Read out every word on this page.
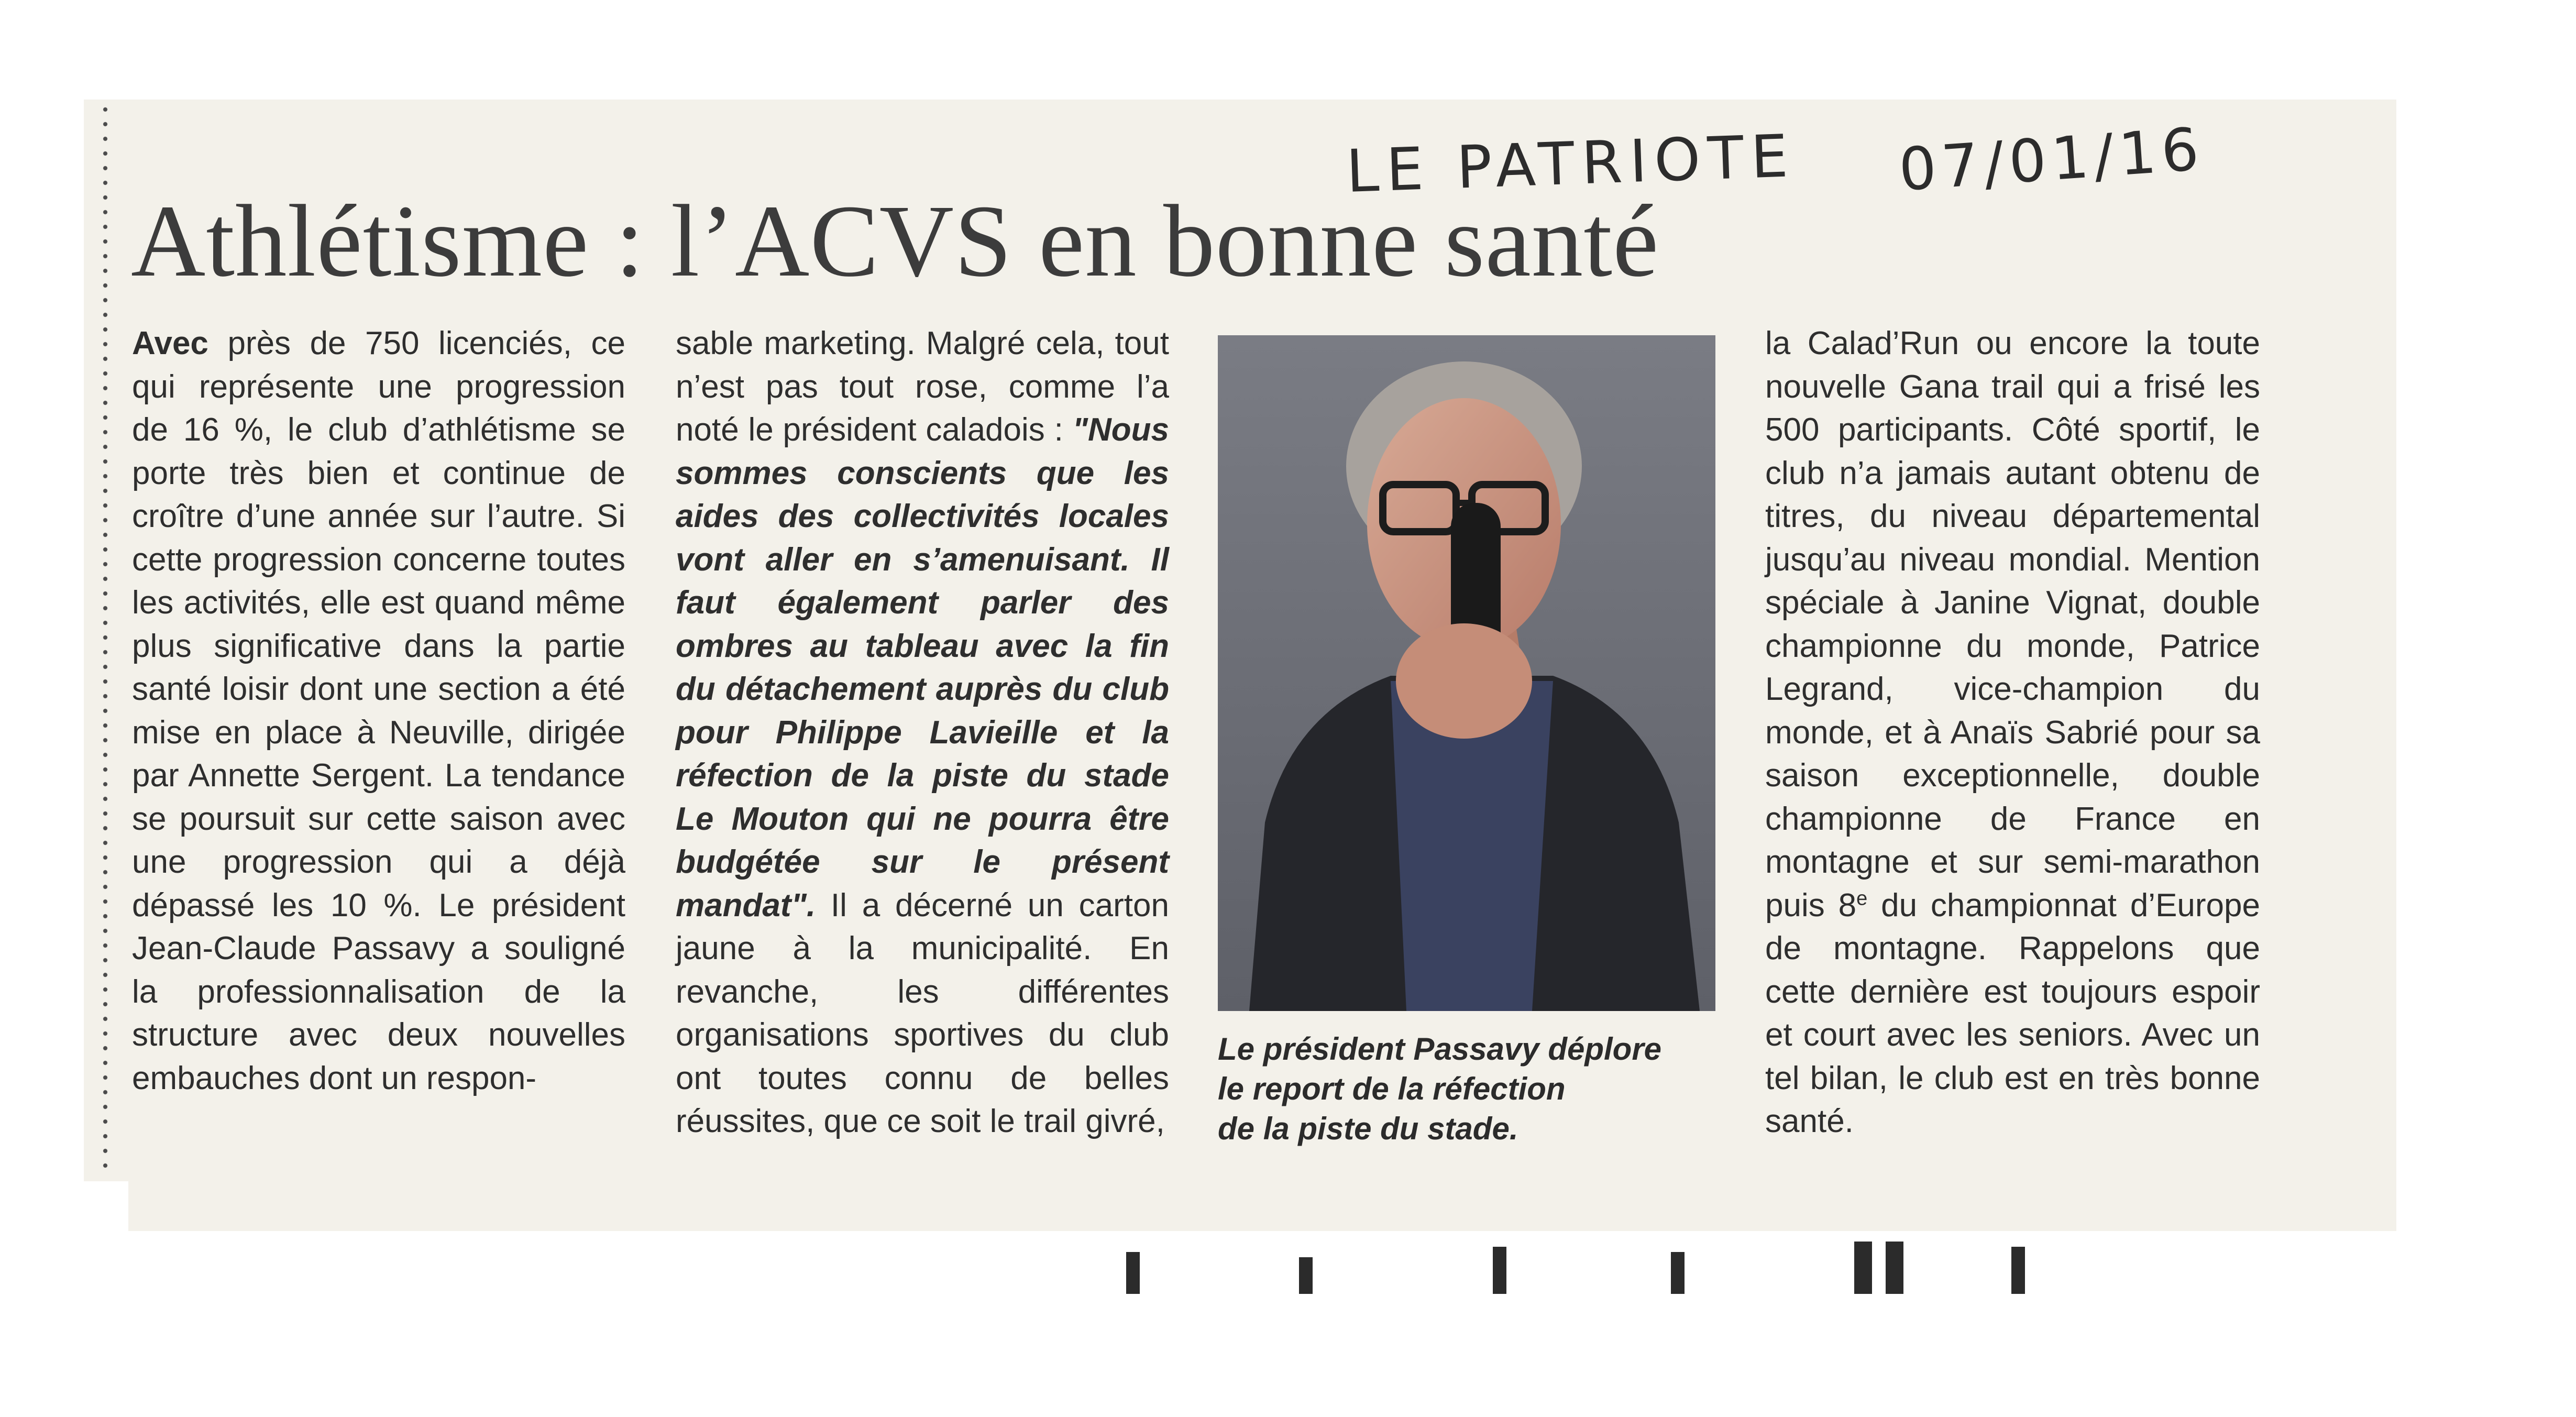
LE PATRIOTE 07/01/16
Athlétisme : l’ACVS en bonne santé

Avec près de 750 licenciés, ce qui représente une progression de 16 %, le club d’athlétisme se porte très bien et continue de croître d’une année sur l’autre. Si cette progression concerne toutes les activités, elle est quand même plus significative dans la partie santé loisir dont une section a été mise en place à Neuville, dirigée par Annette Sergent. La tendance se poursuit sur cette saison avec une progression qui a déjà dépassé les 10 %. Le président Jean-Claude Passavy a souligné la professionnalisation de la structure avec deux nouvelles embauches dont un respon-

sable marketing. Malgré cela, tout n’est pas tout rose, comme l’a noté le président caladois : "Nous sommes conscients que les aides des collectivités locales vont aller en s’amenuisant. Il faut également parler des ombres au tableau avec la fin du détachement auprès du club pour Philippe Lavieille et la réfection de la piste du stade Le Mouton qui ne pourra être budgétée sur le présent mandat". Il a décerné un carton jaune à la municipalité. En revanche, les différentes organisations sportives du club ont toutes connu de belles réussites, que ce soit le trail givré,

Le président Passavy déplore
le report de la réfection
de la piste du stade.

la Calad’Run ou encore la toute nouvelle Gana trail qui a frisé les 500 participants. Côté sportif, le club n’a jamais autant obtenu de titres, du niveau départemental jusqu’au niveau mondial. Mention spéciale à Janine Vignat, double championne du monde, Patrice Legrand, vice-champion du monde, et à Anaïs Sabrié pour sa saison exceptionnelle, double championne de France en montagne et sur semi-marathon puis 8e du championnat d’Europe de montagne. Rappelons que cette dernière est toujours espoir et court avec les seniors. Avec un tel bilan, le club est en très bonne santé.
